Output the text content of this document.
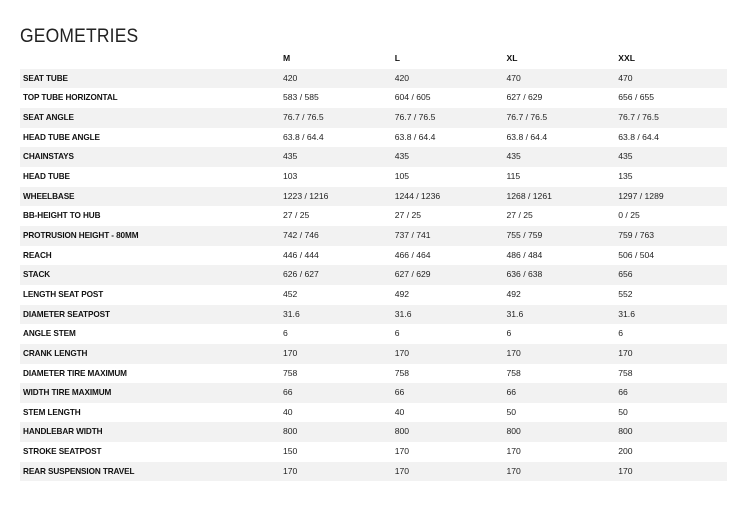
GEOMETRIES
	M	L	XL	XXL
SEAT TUBE	420	420	470	470
TOP TUBE HORIZONTAL	583 / 585	604 / 605	627 / 629	656 / 655
SEAT ANGLE	76.7 / 76.5	76.7 / 76.5	76.7 / 76.5	76.7 / 76.5
HEAD TUBE ANGLE	63.8 / 64.4	63.8 / 64.4	63.8 / 64.4	63.8 / 64.4
CHAINSTAYS	435	435	435	435
HEAD TUBE	103	105	115	135
WHEELBASE	1223 / 1216	1244 / 1236	1268 / 1261	1297 / 1289
BB-HEIGHT TO HUB	27 / 25	27 / 25	27 / 25	0 / 25
PROTRUSION HEIGHT - 80MM	742 / 746	737 / 741	755 / 759	759 / 763
REACH	446 / 444	466 / 464	486 / 484	506 / 504
STACK	626 / 627	627 / 629	636 / 638	656
LENGTH SEAT POST	452	492	492	552
DIAMETER SEATPOST	31.6	31.6	31.6	31.6
ANGLE STEM	6	6	6	6
CRANK LENGTH	170	170	170	170
DIAMETER TIRE MAXIMUM	758	758	758	758
WIDTH TIRE MAXIMUM	66	66	66	66
STEM LENGTH	40	40	50	50
HANDLEBAR WIDTH	800	800	800	800
STROKE SEATPOST	150	170	170	200
REAR SUSPENSION TRAVEL	170	170	170	170
